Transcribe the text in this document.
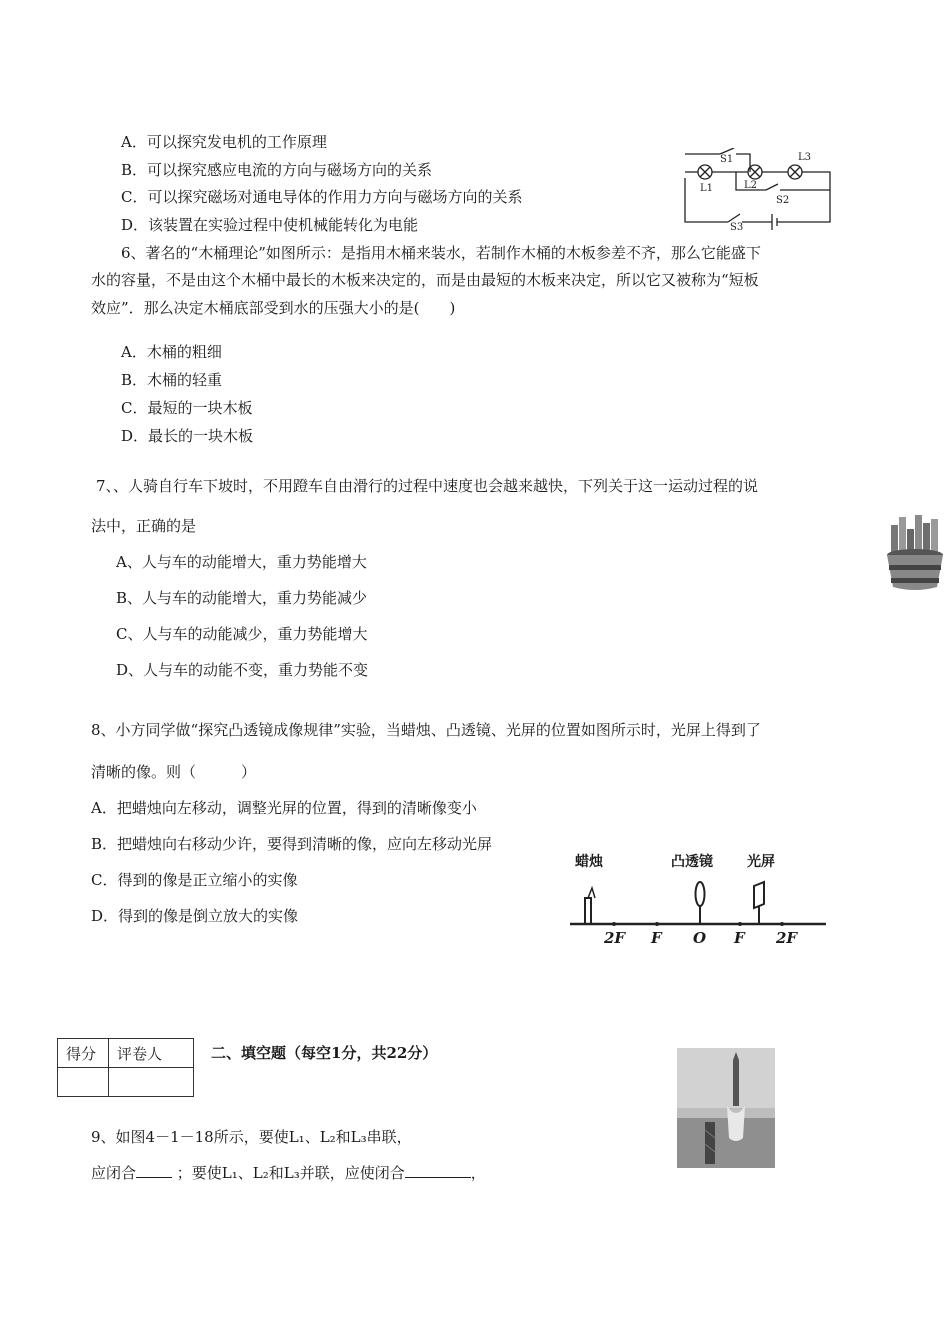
A．可以探究发电机的工作原理
B．可以探究感应电流的方向与磁场方向的关系
C．可以探究磁场对通电导体的作用力方向与磁场方向的关系
D．该装置在实验过程中使机械能转化为电能
S1
L1	L2
L3
S2
S3
6、著名的“木桶理论”如图所示：是指用木桶来装水，若制作木桶的木板参差不齐，那么它能盛下
水的容量，不是由这个木桶中最长的木板来决定的，而是由最短的木板来决定，所以它又被称为“短板
效应”．那么决定木桶底部受到水的压强大小的是(　　)
A．木桶的粗细
B．木桶的轻重
C．最短的一块木板
D．最长的一块木板
7、、人骑自行车下坡时，不用蹬车自由滑行的过程中速度也会越来越快，下列关于这一运动过程的说
法中，正确的是
A、人与车的动能增大，重力势能增大
B、人与车的动能增大，重力势能减少
C、人与车的动能减少，重力势能增大
D、人与车的动能不变，重力势能不变
8、小方同学做“探究凸透镜成像规律”实验，当蜡烛、凸透镜、光屏的位置如图所示时，光屏上得到了
清晰的像。则（　　　）
A．把蜡烛向左移动，调整光屏的位置，得到的清晰像变小
B．把蜡烛向右移动少许，要得到清晰的像，应向左移动光屏
C．得到的像是正立缩小的实像
D．得到的像是倒立放大的实像
蜡烛	凸透镜 光屏
2F F O F 2F
得分	评卷人
		二、填空题（每空1分，共22分）
9、如图4－1－18所示，要使L₁、L₂和L₃串联，
应闭合	；要使L₁、L₂和L₃并联，应使闭合	，
